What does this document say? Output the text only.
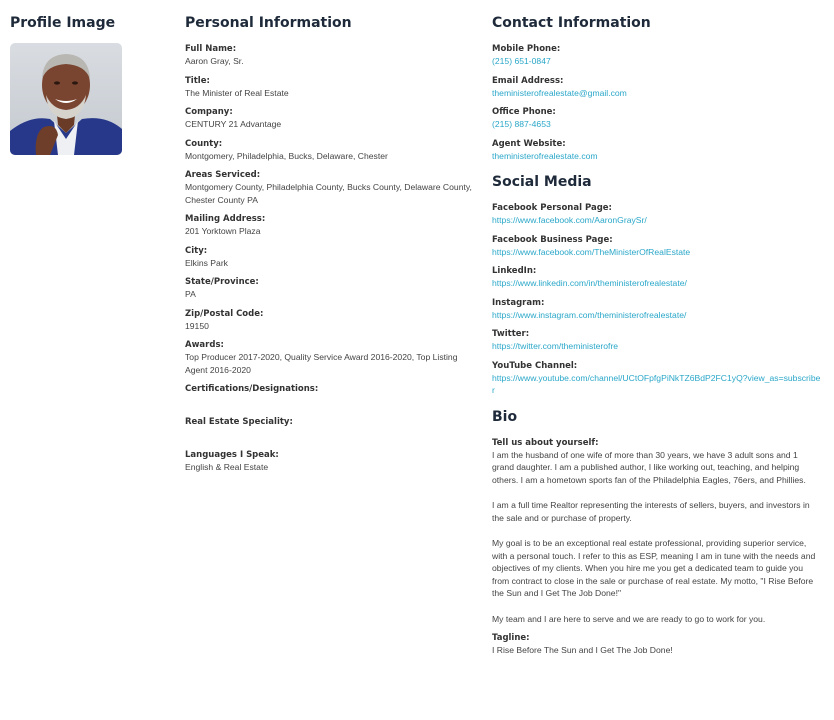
Profile Image	Personal Information
Full Name:
Aaron Gray, Sr.
Title:
The Minister of Real Estate
Company:
CENTURY 21 Advantage
County:
Montgomery, Philadelphia, Bucks, Delaware, Chester
Areas Serviced:
Montgomery County, Philadelphia County, Bucks County, Delaware County, Chester County PA
Mailing Address:
201 Yorktown Plaza
City:
Elkins Park
State/Province:
PA
Zip/Postal Code:
19150
Awards:
Top Producer 2017-2020, Quality Service Award 2016-2020, Top Listing Agent 2016-2020
Certifications/Designations:
Real Estate Speciality:
Languages I Speak:
English & Real Estate
Contact Information
Mobile Phone:
(215) 651-0847
Email Address:
theministerofrealestate@gmail.com
Office Phone:
(215) 887-4653
Agent Website:
theministerofrealestate.com
Social Media
Facebook Personal Page:
https://www.facebook.com/AaronGraySr/
Facebook Business Page:
https://www.facebook.com/TheMinisterOfRealEstate
LinkedIn:
https://www.linkedin.com/in/theministerofrealestate/
Instagram:
https://www.instagram.com/theministerofrealestate/
Twitter:
https://twitter.com/theministerofre
YouTube Channel:
https://www.youtube.com/channel/UCtOFpfgPiNkTZ6BdP2FC1yQ?view_as=subscriber
Bio
Tell us about yourself:

I am the husband of one wife of more than 30 years, we have 3 adult sons and 1 grand daughter. I am a published author, I like working out, teaching, and helping others. I am a hometown sports fan of the Philadelphia Eagles, 76ers, and Phillies.

I am a full time Realtor representing the interests of sellers, buyers, and investors in the sale and or purchase of property.

My goal is to be an exceptional real estate professional, providing superior service, with a personal touch. I refer to this as ESP, meaning I am in tune with the needs and objectives of my clients. When you hire me you get a dedicated team to guide you from contract to close in the sale or purchase of real estate. My motto, "I Rise Before the Sun and I Get The Job Done!"

My team and I are here to serve and we are ready to go to work for you.

Tagline:
I Rise Before The Sun and I Get The Job Done!
